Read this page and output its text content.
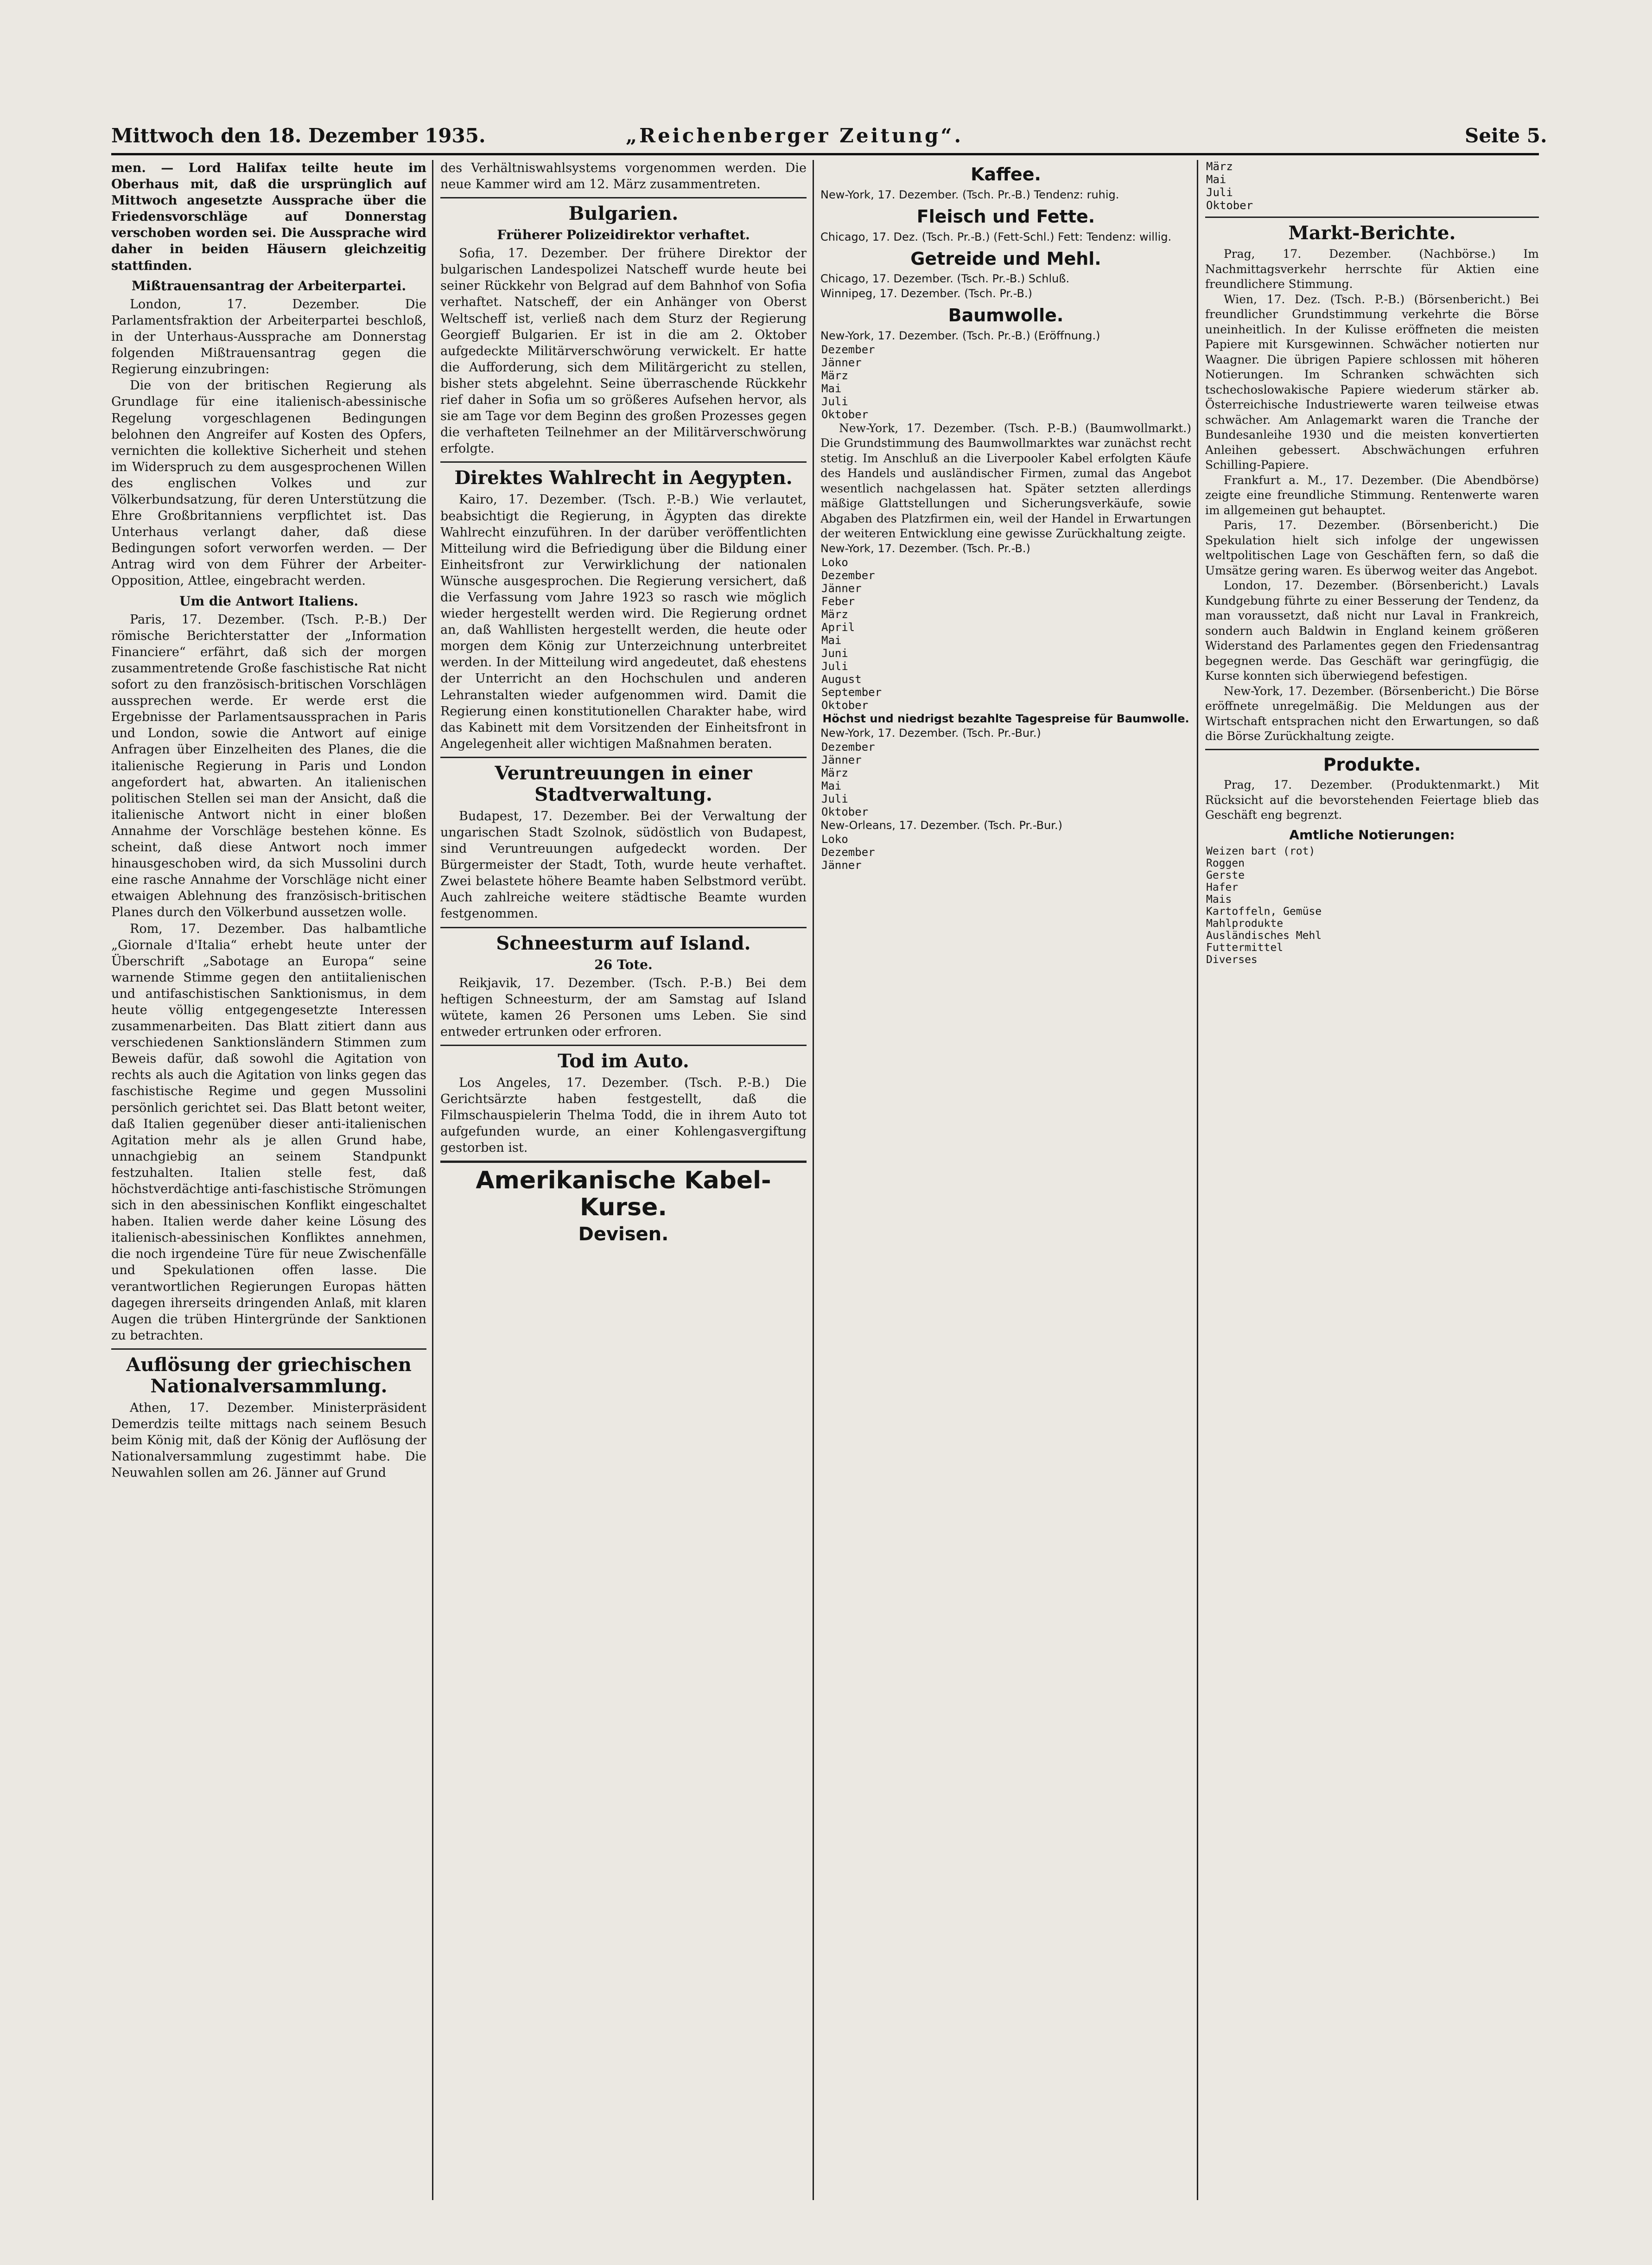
Mittwoch den 18. Dezember 1935.	„Reichenberger Zeitung“.	Seite 5.

men. — Lord Halifax teilte heute im Oberhaus mit, daß die ursprünglich auf Mittwoch angesetzte Aussprache über die Friedensvorschläge auf Donnerstag verschoben worden sei. Die Aussprache wird daher in beiden Häusern gleichzeitig stattfinden.

Mißtrauensantrag der Arbeiterpartei.

London, 17. Dezember. Die Parlamentsfraktion der Arbeiterpartei beschloß, in der Unterhaus-Aussprache am Donnerstag folgenden Mißtrauensantrag gegen die Regierung einzubringen:

Die von der britischen Regierung als Grundlage für eine italienisch-abessinische Regelung vorgeschlagenen Bedingungen belohnen den Angreifer auf Kosten des Opfers, vernichten die kollektive Sicherheit und stehen im Widerspruch zu dem ausgesprochenen Willen des englischen Volkes und zur Völkerbundsatzung, für deren Unterstützung die Ehre Großbritanniens verpflichtet ist. Das Unterhaus verlangt daher, daß diese Bedingungen sofort verworfen werden. — Der Antrag wird von dem Führer der Arbeiter-Opposition, Attlee, eingebracht werden.

Um die Antwort Italiens.

Paris, 17. Dezember. (Tsch. P.-B.) Der römische Berichterstatter der „Information Financiere“ erfährt, daß sich der morgen zusammentretende Große faschistische Rat nicht sofort zu den französisch-britischen Vorschlägen aussprechen werde. Er werde erst die Ergebnisse der Parlamentsaussprachen in Paris und London, sowie die Antwort auf einige Anfragen über Einzelheiten des Planes, die die italienische Regierung in Paris und London angefordert hat, abwarten. An italienischen politischen Stellen sei man der Ansicht, daß die italienische Antwort nicht in einer bloßen Annahme der Vorschläge bestehen könne. Es scheint, daß diese Antwort noch immer hinausgeschoben wird, da sich Mussolini durch eine rasche Annahme der Vorschläge nicht einer etwaigen Ablehnung des französisch-britischen Planes durch den Völkerbund aussetzen wolle.

Rom, 17. Dezember. Das halbamtliche „Giornale d'Italia“ erhebt heute unter der Überschrift „Sabotage an Europa“ seine warnende Stimme gegen den antiitalienischen und antifaschistischen Sanktionismus, in dem heute völlig entgegengesetzte Interessen zusammenarbeiten. Das Blatt zitiert dann aus verschiedenen Sanktionsländern Stimmen zum Beweis dafür, daß sowohl die Agitation von rechts als auch die Agitation von links gegen das faschistische Regime und gegen Mussolini persönlich gerichtet sei. Das Blatt betont weiter, daß Italien gegenüber dieser anti-italienischen Agitation mehr als je allen Grund habe, unnachgiebig an seinem Standpunkt festzuhalten. Italien stelle fest, daß höchstverdächtige anti-faschistische Strömungen sich in den abessinischen Konflikt eingeschaltet haben. Italien werde daher keine Lösung des italienisch-abessinischen Konfliktes annehmen, die noch irgendeine Türe für neue Zwischenfälle und Spekulationen offen lasse. Die verantwortlichen Regierungen Europas hätten dagegen ihrerseits dringenden Anlaß, mit klaren Augen die trüben Hintergründe der Sanktionen zu betrachten.

Auflösung der griechischen Nationalversammlung.

Athen, 17. Dezember. Ministerpräsident Demerdzis teilte mittags nach seinem Besuch beim König mit, daß der König der Auflösung der Nationalversammlung zugestimmt habe. Die Neuwahlen sollen am 26. Jänner auf Grund

des Verhältniswahlsystems vorgenommen werden. Die neue Kammer wird am 12. März zusammentreten.

Bulgarien.
Früherer Polizeidirektor verhaftet.

Sofia, 17. Dezember. Der frühere Direktor der bulgarischen Landespolizei Natscheff wurde heute bei seiner Rückkehr von Belgrad auf dem Bahnhof von Sofia verhaftet. Natscheff, der ein Anhänger von Oberst Weltscheff ist, verließ nach dem Sturz der Regierung Georgieff Bulgarien. Er ist in die am 2. Oktober aufgedeckte Militärverschwörung verwickelt. Er hatte die Aufforderung, sich dem Militärgericht zu stellen, bisher stets abgelehnt. Seine überraschende Rückkehr rief daher in Sofia um so größeres Aufsehen hervor, als sie am Tage vor dem Beginn des großen Prozesses gegen die verhafteten Teilnehmer an der Militärverschwörung erfolgte.

Direktes Wahlrecht in Aegypten.

Kairo, 17. Dezember. (Tsch. P.-B.) Wie verlautet, beabsichtigt die Regierung, in Ägypten das direkte Wahlrecht einzuführen. In der darüber veröffentlichten Mitteilung wird die Befriedigung über die Bildung einer Einheitsfront zur Verwirklichung der nationalen Wünsche ausgesprochen. Die Regierung versichert, daß die Verfassung vom Jahre 1923 so rasch wie möglich wieder hergestellt werden wird. Die Regierung ordnet an, daß Wahllisten hergestellt werden, die heute oder morgen dem König zur Unterzeichnung unterbreitet werden. In der Mitteilung wird angedeutet, daß ehestens der Unterricht an den Hochschulen und anderen Lehranstalten wieder aufgenommen wird. Damit die Regierung einen konstitutionellen Charakter habe, wird das Kabinett mit dem Vorsitzenden der Einheitsfront in Angelegenheit aller wichtigen Maßnahmen beraten.

Veruntreuungen in einer Stadtverwaltung.

Budapest, 17. Dezember. Bei der Verwaltung der ungarischen Stadt Szolnok, südöstlich von Budapest, sind Veruntreuungen aufgedeckt worden. Der Bürgermeister der Stadt, Toth, wurde heute verhaftet. Zwei belastete höhere Beamte haben Selbstmord verübt. Auch zahlreiche weitere städtische Beamte wurden festgenommen.

Schneesturm auf Island.
26 Tote.

Reikjavik, 17. Dezember. (Tsch. P.-B.) Bei dem heftigen Schneesturm, der am Samstag auf Island wütete, kamen 26 Personen ums Leben. Sie sind entweder ertrunken oder erfroren.

Tod im Auto.

Los Angeles, 17. Dezember. (Tsch. P.-B.) Die Gerichtsärzte haben festgestellt, daß die Filmschauspielerin Thelma Todd, die in ihrem Auto tot aufgefunden wurde, an einer Kohlengasvergiftung gestorben ist.

Amerikanische Kabel-Kurse.
Devisen.
Kaffee.

New-York, 17. Dezember. (Tsch. Pr.-B.) Tendenz: ruhig.

Fleisch und Fette.

Chicago, 17. Dez. (Tsch. Pr.-B.) (Fett-Schl.) Fett: Tendenz: willig.

Getreide und Mehl.

Chicago, 17. Dezember. (Tsch. Pr.-B.) Schluß.

Winnipeg, 17. Dezember. (Tsch. Pr.-B.)

Baumwolle.

New-York, 17. Dezember. (Tsch. Pr.-B.) (Eröffnung.)

Dezember
Jänner
März
Mai
Juli
Oktober

New-York, 17. Dezember. (Tsch. P.-B.) (Baumwollmarkt.) Die Grundstimmung des Baumwollmarktes war zunächst recht stetig. Im Anschluß an die Liverpooler Kabel erfolgten Käufe des Handels und ausländischer Firmen, zumal das Angebot wesentlich nachgelassen hat. Später setzten allerdings mäßige Glattstellungen und Sicherungsverkäufe, sowie Abgaben des Platzfirmen ein, weil der Handel in Erwartungen der weiteren Entwicklung eine gewisse Zurückhaltung zeigte.

New-York, 17. Dezember. (Tsch. Pr.-B.)

Loko
Dezember
Jänner
Feber
März
April
Mai
Juni
Juli
August
September
Oktober

Höchst und niedrigst bezahlte Tagespreise für Baumwolle.

New-York, 17. Dezember. (Tsch. Pr.-Bur.)

Dezember
Jänner
März
Mai
Juli
Oktober

New-Orleans, 17. Dezember. (Tsch. Pr.-Bur.)

Loko
Dezember
Jänner
März
Mai
Juli
Oktober
Markt-Berichte.

Prag, 17. Dezember. (Nachbörse.) Im Nachmittagsverkehr herrschte für Aktien eine freundlichere Stimmung.

Wien, 17. Dez. (Tsch. P.-B.) (Börsenbericht.) Bei freundlicher Grundstimmung verkehrte die Börse uneinheitlich. In der Kulisse eröffneten die meisten Papiere mit Kursgewinnen. Schwächer notierten nur Waagner. Die übrigen Papiere schlossen mit höheren Notierungen. Im Schranken schwächten sich tschechoslowakische Papiere wiederum stärker ab. Österreichische Industriewerte waren teilweise etwas schwächer. Am Anlagemarkt waren die Tranche der Bundesanleihe 1930 und die meisten konvertierten Anleihen gebessert. Abschwächungen erfuhren Schilling-Papiere.

Frankfurt a. M., 17. Dezember. (Die Abendbörse) zeigte eine freundliche Stimmung. Rentenwerte waren im allgemeinen gut behauptet.

Paris, 17. Dezember. (Börsenbericht.) Die Spekulation hielt sich infolge der ungewissen weltpolitischen Lage von Geschäften fern, so daß die Umsätze gering waren. Es überwog weiter das Angebot.

London, 17. Dezember. (Börsenbericht.) Lavals Kundgebung führte zu einer Besserung der Tendenz, da man voraussetzt, daß nicht nur Laval in Frankreich, sondern auch Baldwin in England keinem größeren Widerstand des Parlamentes gegen den Friedensantrag begegnen werde. Das Geschäft war geringfügig, die Kurse konnten sich überwiegend befestigen.

New-York, 17. Dezember. (Börsenbericht.) Die Börse eröffnete unregelmäßig. Die Meldungen aus der Wirtschaft entsprachen nicht den Erwartungen, so daß die Börse Zurückhaltung zeigte.

Produkte.

Prag, 17. Dezember. (Produktenmarkt.) Mit Rücksicht auf die bevorstehenden Feiertage blieb das Geschäft eng begrenzt.

Amtliche Notierungen:
Weizen bart (rot)
Roggen
Gerste
Hafer
Mais
Kartoffeln, Gemüse
Mahlprodukte
Ausländisches Mehl
Futtermittel
Diverses
